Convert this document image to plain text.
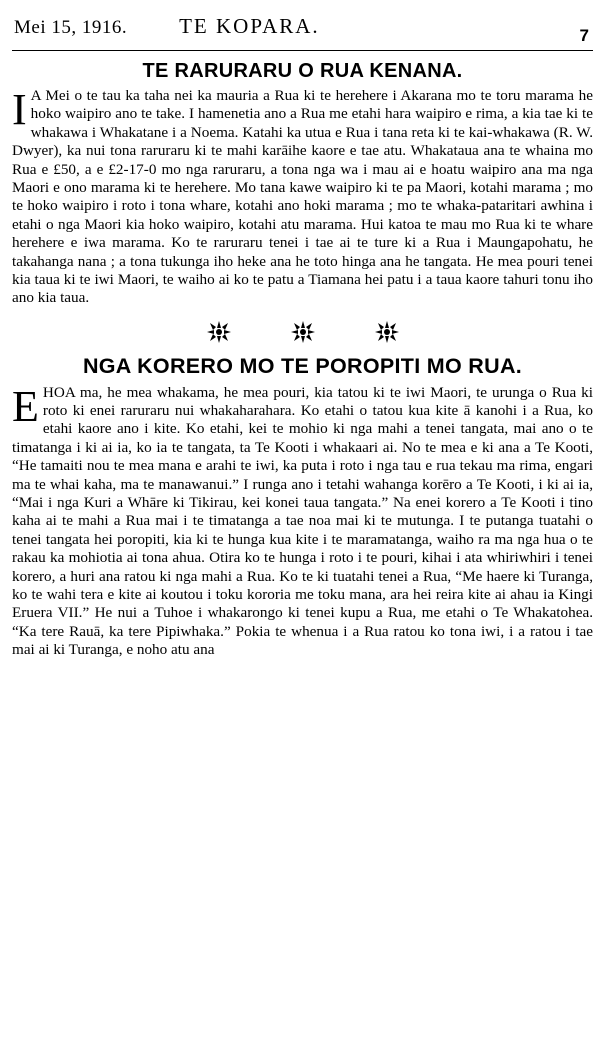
Mei 15, 1916. TE KOPARA.	7
TE RARURARU O RUA KENANA.

I A Mei o te tau ka taha nei ka mauria a Rua ki te herehere i Akarana mo te toru marama he hoko waipiro ano te take. I hamenetia ano a Rua me etahi hara waipiro e rima, a kia tae ki te whakawa i Whakatane i a Noema. Katahi ka utua e Rua i tana reta ki te kai-whakawa (R. W. Dwyer), ka nui tona raruraru ki te mahi karāihe kaore e tae atu. Whakataua ana te whaina mo Rua e £50, a e £2-17-0 mo nga raruraru, a tona nga wa i mau ai e hoatu waipiro ana ma nga Maori e ono marama ki te herehere. Mo tana kawe waipiro ki te pa Maori, kotahi marama ; mo te hoko waipiro i roto i tona whare, kotahi ano hoki marama ; mo te whaka-pataritari awhina i etahi o nga Maori kia hoko waipiro, kotahi atu marama. Hui katoa te mau mo Rua ki te whare herehere e iwa marama. Ko te raruraru tenei i tae ai te ture ki a Rua i Maungapohatu, he takahanga nana ; a tona tukunga iho heke ana he toto hinga ana he tangata. He mea pouri tenei kia taua ki te iwi Maori, te waiho ai ko te patu a Tiamana hei patu i a taua kaore tahuri tonu iho ano kia taua.

NGA KORERO MO TE POROPITI MO RUA.

EHOA ma, he mea whakama, he mea pouri, kia tatou ki te iwi Maori, te urunga o Rua ki roto ki enei raruraru nui whakaharahara. Ko etahi o tatou kua kite ā kanohi i a Rua, ko etahi kaore ano i kite. Ko etahi, kei te mohio ki nga mahi a tenei tangata, mai ano o te timatanga i ki ai ia, ko ia te tangata, ta Te Kooti i whakaari ai. No te mea e ki ana a Te Kooti, “He tamaiti nou te mea mana e arahi te iwi, ka puta i roto i nga tau e rua tekau ma rima, engari ma te whai kaha, ma te manawanui.” I runga ano i tetahi wahanga korēro a Te Kooti, i ki ai ia, “Mai i nga Kuri a Whāre ki Tikirau, kei konei taua tangata.” Na enei korero a Te Kooti i tino kaha ai te mahi a Rua mai i te timatanga a tae noa mai ki te mutunga. I te putanga tuatahi o tenei tangata hei poropiti, kia ki te hunga kua kite i te maramatanga, waiho ra ma nga hua o te rakau ka mohiotia ai tona ahua. Otira ko te hunga i roto i te pouri, kihai i ata whiriwhiri i tenei korero, a huri ana ratou ki nga mahi a Rua. Ko te ki tuatahi tenei a Rua, “Me haere ki Turanga, ko te wahi tera e kite ai koutou i toku kororia me toku mana, ara hei reira kite ai ahau ia Kingi Eruera VII.” He nui a Tuhoe i whakarongo ki tenei kupu a Rua, me etahi o Te Whakatohea. “Ka tere Rauā, ka tere Pipiwhaka.” Pokia te whenua i a Rua ratou ko tona iwi, i a ratou i tae mai ai ki Turanga, e noho atu ana
